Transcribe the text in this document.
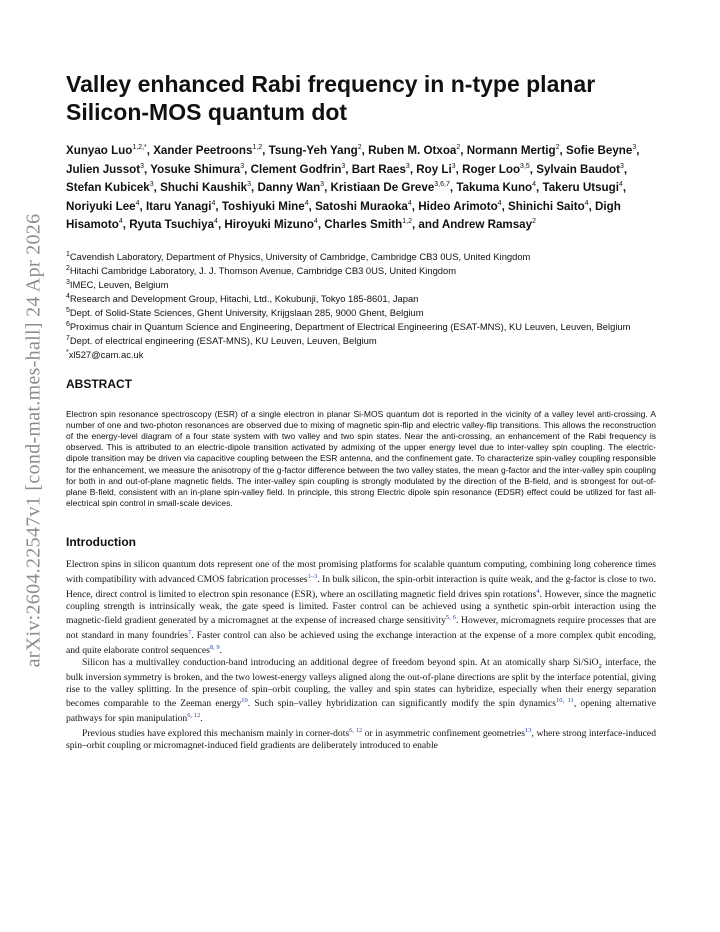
arXiv:2604.22547v1 [cond-mat.mes-hall] 24 Apr 2026
Valley enhanced Rabi frequency in n-type planar Silicon-MOS quantum dot
Xunyao Luo$^{1,2,*}$, Xander Peetroons$^{1,2}$, Tsung-Yeh Yang$^2$, Ruben M. Otxoa$^2$, Normann Mertig$^2$, Sofie Beyne$^3$, Julien Jussot$^3$, Yosuke Shimura$^3$, Clement Godfrin$^3$, Bart Raes$^3$, Roy Li$^3$, Roger Loo$^{3,5}$, Sylvain Baudot$^3$, Stefan Kubicek$^3$, Shuchi Kaushik$^3$, Danny Wan$^3$, Kristiaan De Greve$^{3,6,7}$, Takuma Kuno$^4$, Takeru Utsugi$^4$, Noriyuki Lee$^4$, Itaru Yanagi$^4$, Toshiyuki Mine$^4$, Satoshi Muraoka$^4$, Hideo Arimoto$^4$, Shinichi Saito$^4$, Digh Hisamoto$^4$, Ryuta Tsuchiya$^4$, Hiroyuki Mizuno$^4$, Charles Smith$^{1,2}$, and Andrew Ramsay$^2$
$^1$Cavendish Laboratory, Department of Physics, University of Cambridge, Cambridge CB3 0US, United Kingdom
$^2$Hitachi Cambridge Laboratory, J. J. Thomson Avenue, Cambridge CB3 0US, United Kingdom
$^3$IMEC, Leuven, Belgium
$^4$Research and Development Group, Hitachi, Ltd., Kokubunji, Tokyo 185-8601, Japan
$^5$Dept. of Solid-State Sciences, Ghent University, Krijgslaan 285, 9000 Ghent, Belgium
$^6$Proximus chair in Quantum Science and Engineering, Department of Electrical Engineering (ESAT-MNS), KU Leuven, Leuven, Belgium
$^7$Dept. of electrical engineering (ESAT-MNS), KU Leuven, Leuven, Belgium
*xl527@cam.ac.uk
ABSTRACT

Electron spin resonance spectroscopy (ESR) of a single electron in planar Si-MOS quantum dot is reported in the vicinity of a valley level anti-crossing. A number of one and two-photon resonances are observed due to mixing of magnetic spin-flip and electric valley-flip transitions. This allows the reconstruction of the energy-level diagram of a four state system with two valley and two spin states. Near the anti-crossing, an enhancement of the Rabi frequency is observed. This is attributed to an electric-dipole transition activated by admixing of the upper energy level due to inter-valley spin coupling. The electric-dipole transition may be driven via capacitive coupling between the ESR antenna, and the confinement gate. To characterize spin-valley coupling responsible for the enhancement, we measure the anisotropy of the g-factor difference between the two valley states, the mean g-factor and the inter-valley spin coupling for both in and out-of-plane magnetic fields. The inter-valley spin coupling is strongly modulated by the direction of the B-field, and is strongest for out-of-plane B-field, consistent with an in-plane spin-valley field. In principle, this strong Electric dipole spin resonance (EDSR) effect could be utilized for fast all-electrical spin control in small-scale devices.

Introduction

Electron spins in silicon quantum dots represent one of the most promising platforms for scalable quantum computing, combining long coherence times with compatibility with advanced CMOS fabrication processes$^{1-3}$. In bulk silicon, the spin-orbit interaction is quite weak, and the g-factor is close to two. Hence, direct control is limited to electron spin resonance (ESR), where an oscillating magnetic field drives spin rotations$^4$. However, since the magnetic coupling strength is intrinsically weak, the gate speed is limited. Faster control can be achieved using a synthetic spin-orbit interaction using the magnetic-field gradient generated by a micromagnet at the expense of increased charge sensitivity$^{5, 6}$. However, micromagnets require processes that are not standard in many foundries$^7$. Faster control can also be achieved using the exchange interaction at the expense of a more complex qubit encoding, and quite elaborate control sequences$^{8, 9}$.

Silicon has a multivalley conduction-band introducing an additional degree of freedom beyond spin. At an atomically sharp Si/SiO$_2$ interface, the bulk inversion symmetry is broken, and the two lowest-energy valleys aligned along the out-of-plane directions are split by the interface potential, giving rise to the valley splitting. In the presence of spin–orbit coupling, the valley and spin states can hybridize, especially when their energy separation becomes comparable to the Zeeman energy$^{10}$. Such spin–valley hybridization can significantly modify the spin dynamics$^{10, 11}$, opening alternative pathways for spin manipulation$^{6, 12}$.

Previous studies have explored this mechanism mainly in corner-dots$^{6, 12}$ or in asymmetric confinement geometries$^{13}$, where strong interface-induced spin–orbit coupling or micromagnet-induced field gradients are deliberately introduced to enable
